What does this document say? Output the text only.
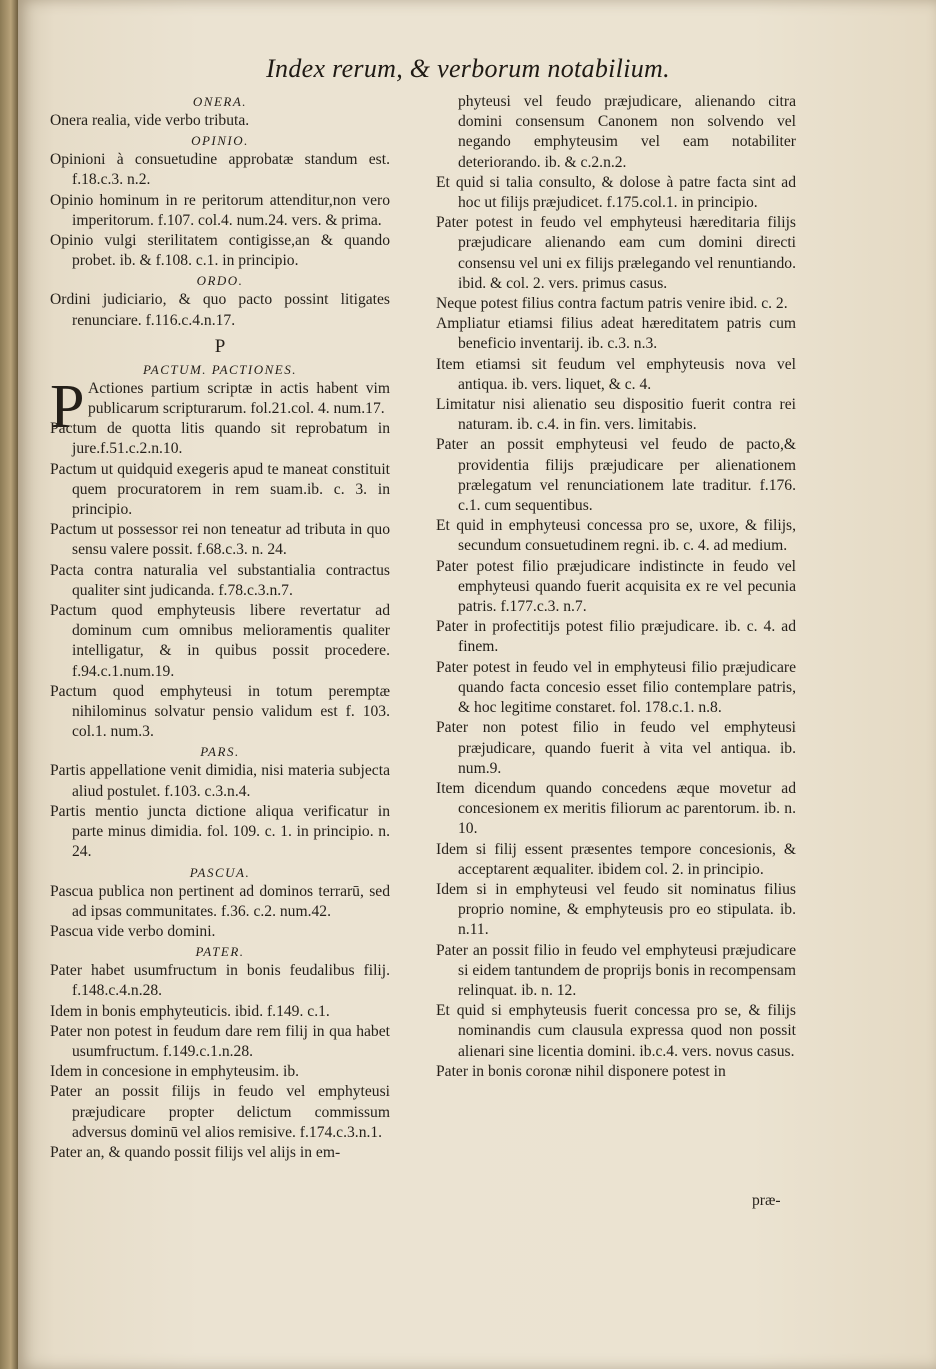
Index rerum, & verborum notabilium.
ONERA.
Onera realia, vide verbo tributa.
OPINIO.
Opinioni à consuetudine approbatæ standum est. f.18.c.3. n.2.
Opinio hominum in re peritorum attenditur,non vero imperitorum. f.107. col.4. num.24. vers. & prima.
Opinio vulgi sterilitatem contigisse,an & quando probet. ib. & f.108. c.1. in principio.
ORDO.
Ordini judiciario, & quo pacto possint litigates renunciare. f.116.c.4.n.17.
P
PACTUM. PACTIONES.
P Actiones partium scriptæ in actis habent vim publicarum scripturarum. fol.21.col. 4. num.17.
Pactum de quotta litis quando sit reprobatum in jure.f.51.c.2.n.10.
Pactum ut quidquid exegeris apud te maneat constituit quem procuratorem in rem suam.ib. c. 3. in principio.
Pactum ut possessor rei non teneatur ad tributa in quo sensu valere possit. f.68.c.3. n. 24.
Pacta contra naturalia vel substantialia contractus qualiter sint judicanda. f.78.c.3.n.7.
Pactum quod emphyteusis libere revertatur ad dominum cum omnibus melioramentis qualiter intelligatur, & in quibus possit procedere. f.94.c.1.num.19.
Pactum quod emphyteusi in totum peremptæ nihilominus solvatur pensio validum est f. 103. col.1. num.3.
PARS.
Partis appellatione venit dimidia, nisi materia subjecta aliud postulet. f.103. c.3.n.4.
Partis mentio juncta dictione aliqua verificatur in parte minus dimidia. fol. 109. c. 1. in principio. n. 24.
PASCUA.
Pascua publica non pertinent ad dominos terrarū, sed ad ipsas communitates. f.36. c.2. num.42.
Pascua vide verbo domini.
PATER.
Pater habet usumfructum in bonis feudalibus filij. f.148.c.4.n.28.
Idem in bonis emphyteuticis. ibid. f.149. c.1.
Pater non potest in feudum dare rem filij in qua habet usumfructum. f.149.c.1.n.28.
Idem in concesione in emphyteusim. ib.
Pater an possit filijs in feudo vel emphyteusi præjudicare propter delictum commissum adversus dominū vel alios remisive. f.174.c.3.n.1.
Pater an, & quando possit filijs vel alijs in em-
phyteusi vel feudo præjudicare, alienando citra domini consensum Canonem non solvendo vel negando emphyteusim vel eam notabiliter deteriorando. ib. & c.2.n.2.
Et quid si talia consulto, & dolose à patre facta sint ad hoc ut filijs præjudicet. f.175.col.1. in principio.
Pater potest in feudo vel emphyteusi hæreditaria filijs præjudicare alienando eam cum domini directi consensu vel uni ex filijs prælegando vel renuntiando. ibid. & col. 2. vers. primus casus.
Neque potest filius contra factum patris venire ibid. c. 2.
Ampliatur etiamsi filius adeat hæreditatem patris cum beneficio inventarij. ib. c.3. n.3.
Item etiamsi sit feudum vel emphyteusis nova vel antiqua. ib. vers. liquet, & c. 4.
Limitatur nisi alienatio seu dispositio fuerit contra rei naturam. ib. c.4. in fin. vers. limitabis.
Pater an possit emphyteusi vel feudo de pacto,& providentia filijs præjudicare per alienationem prælegatum vel renunciationem late traditur. f.176. c.1. cum sequentibus.
Et quid in emphyteusi concessa pro se, uxore, & filijs, secundum consuetudinem regni. ib. c. 4. ad medium.
Pater potest filio præjudicare indistincte in feudo vel emphyteusi quando fuerit acquisita ex re vel pecunia patris. f.177.c.3. n.7.
Pater in profectitijs potest filio præjudicare. ib. c. 4. ad finem.
Pater potest in feudo vel in emphyteusi filio præjudicare quando facta concesio esset filio contemplare patris, & hoc legitime constaret. fol. 178.c.1. n.8.
Pater non potest filio in feudo vel emphyteusi præjudicare, quando fuerit à vita vel antiqua. ib. num.9.
Item dicendum quando concedens æque movetur ad concesionem ex meritis filiorum ac parentorum. ib. n. 10.
Idem si filij essent præsentes tempore concesionis, & acceptarent æqualiter. ibidem col. 2. in principio.
Idem si in emphyteusi vel feudo sit nominatus filius proprio nomine, & emphyteusis pro eo stipulata. ib. n.11.
Pater an possit filio in feudo vel emphyteusi præjudicare si eidem tantundem de proprijs bonis in recompensam relinquat. ib. n. 12.
Et quid si emphyteusis fuerit concessa pro se, & filijs nominandis cum clausula expressa quod non possit alienari sine licentia domini. ib.c.4. vers. novus casus.
Pater in bonis coronæ nihil disponere potest in
præ-
